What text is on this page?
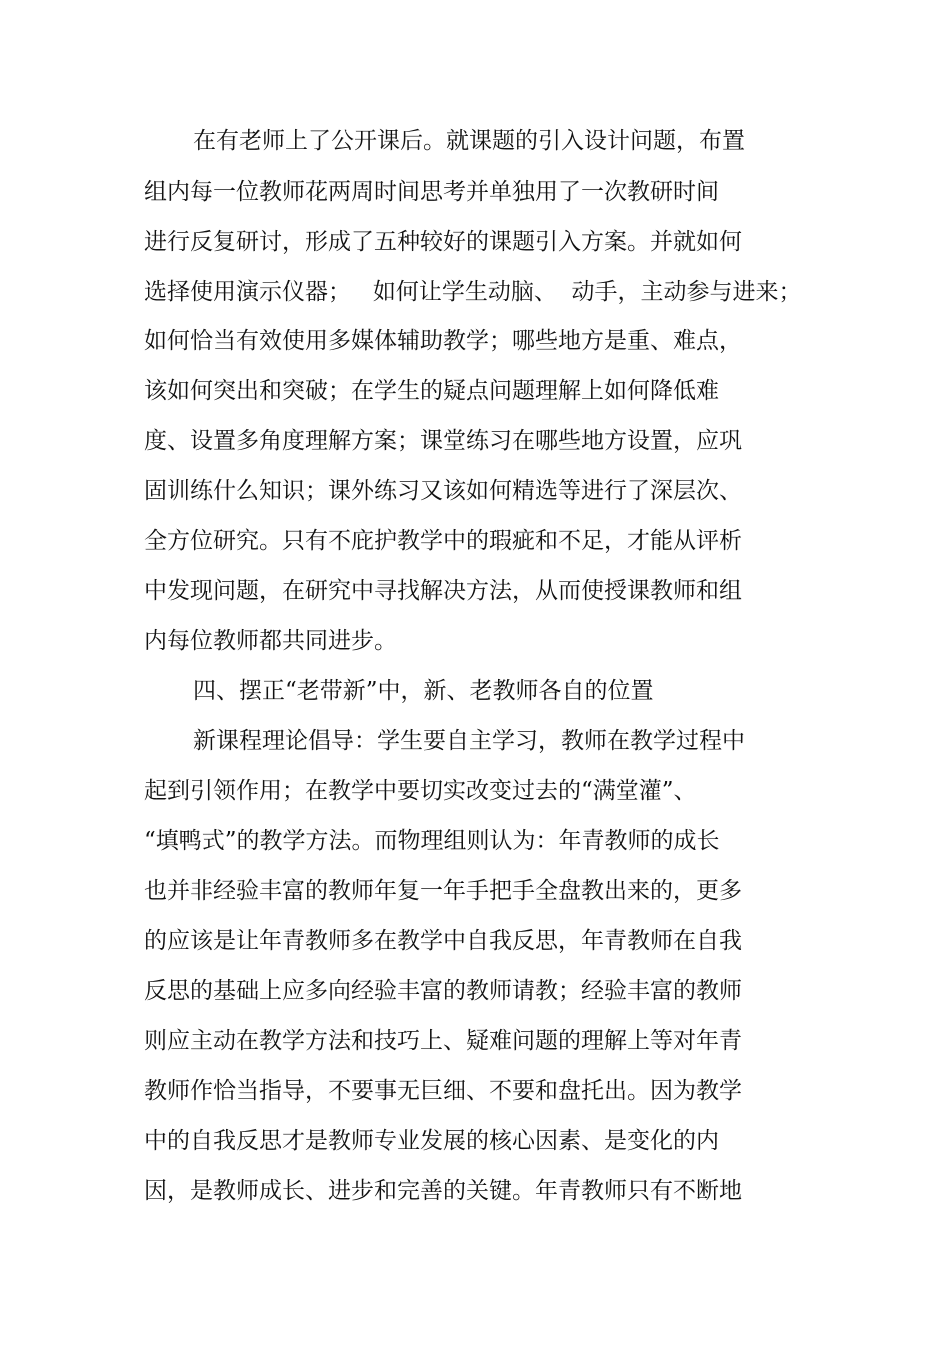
在有老师上了公开课后。就课题的引入设计问题，布置
组内每一位教师花两周时间思考并单独用了一次教研时间
进行反复研讨，形成了五种较好的课题引入方案。并就如何
选择使用演示仪器；   如何让学生动脑、  动手，主动参与进来；
如何恰当有效使用多媒体辅助教学；哪些地方是重、难点，
该如何突出和突破；在学生的疑点问题理解上如何降低难
度、设置多角度理解方案；课堂练习在哪些地方设置，应巩
固训练什么知识；课外练习又该如何精选等进行了深层次、
全方位研究。只有不庇护教学中的瑕疵和不足，才能从评析
中发现问题，在研究中寻找解决方法，从而使授课教师和组
内每位教师都共同进步。
四、摆正“老带新”中，新、老教师各自的位置
新课程理论倡导：学生要自主学习，教师在教学过程中
起到引领作用；在教学中要切实改变过去的“满堂灌”、
“填鸭式”的教学方法。而物理组则认为：年青教师的成长
也并非经验丰富的教师年复一年手把手全盘教出来的，更多
的应该是让年青教师多在教学中自我反思，年青教师在自我
反思的基础上应多向经验丰富的教师请教；经验丰富的教师
则应主动在教学方法和技巧上、疑难问题的理解上等对年青
教师作恰当指导，不要事无巨细、不要和盘托出。因为教学
中的自我反思才是教师专业发展的核心因素、是变化的内
因，是教师成长、进步和完善的关键。年青教师只有不断地
